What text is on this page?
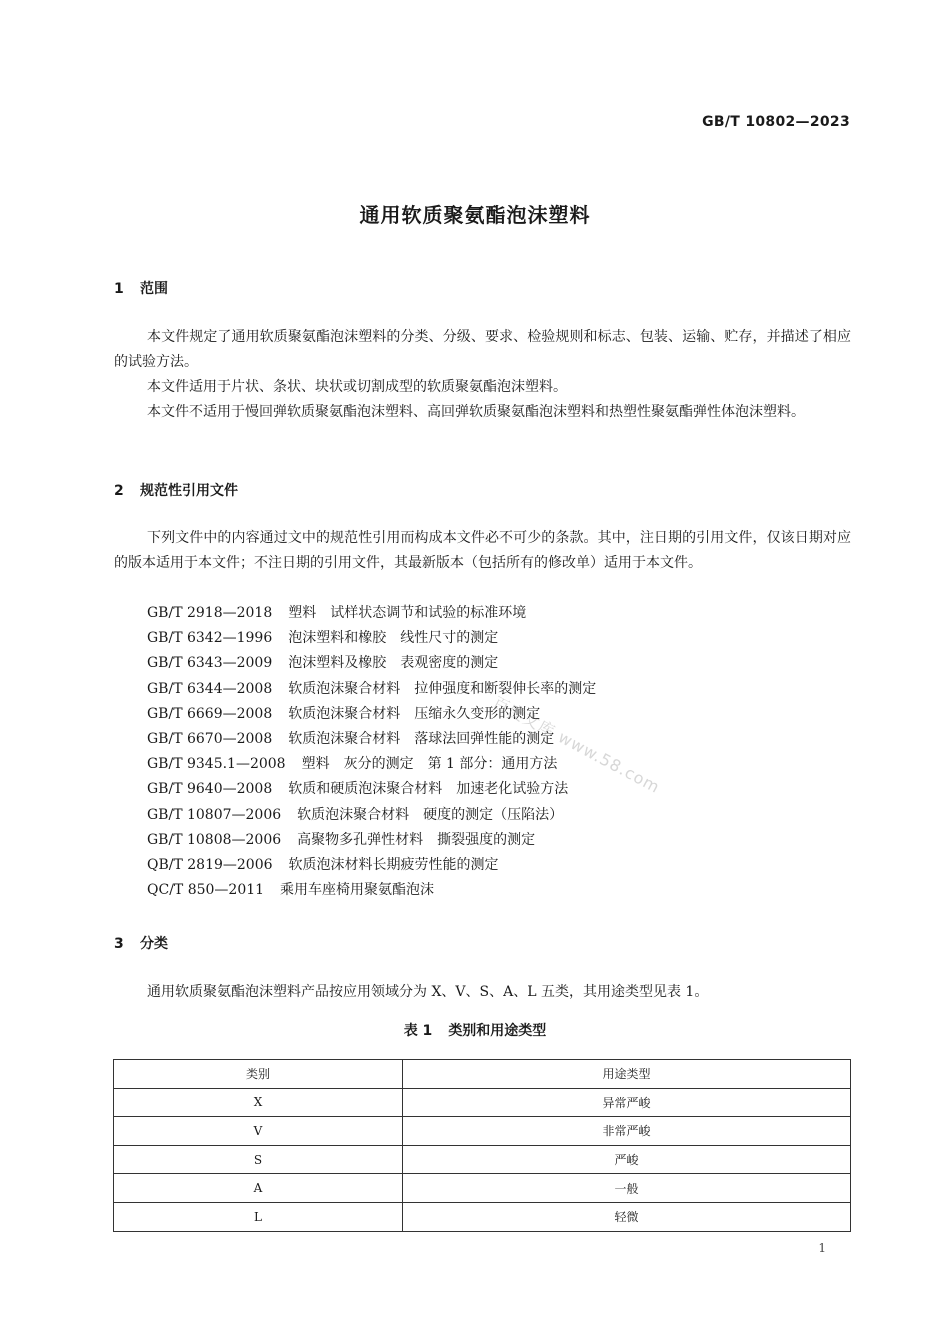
GB/T 10802—2023
通用软质聚氨酯泡沫塑料
1 范围

本文件规定了通用软质聚氨酯泡沫塑料的分类、分级、要求、检验规则和标志、包装、运输、贮存，并描述了相应的试验方法。

本文件适用于片状、条状、块状或切割成型的软质聚氨酯泡沫塑料。

本文件不适用于慢回弹软质聚氨酯泡沫塑料、高回弹软质聚氨酯泡沫塑料和热塑性聚氨酯弹性体泡沫塑料。

2 规范性引用文件

下列文件中的内容通过文中的规范性引用而构成本文件必不可少的条款。其中，注日期的引用文件，仅该日期对应的版本适用于本文件；不注日期的引用文件，其最新版本（包括所有的修改单）适用于本文件。

GB/T 2918—2018 塑料　试样状态调节和试验的标准环境
GB/T 6342—1996 泡沫塑料和橡胶　线性尺寸的测定
GB/T 6343—2009 泡沫塑料及橡胶　表观密度的测定
GB/T 6344—2008 软质泡沫聚合材料　拉伸强度和断裂伸长率的测定
GB/T 6669—2008 软质泡沫聚合材料　压缩永久变形的测定
GB/T 6670—2008 软质泡沫聚合材料　落球法回弹性能的测定
GB/T 9345.1—2008 塑料　灰分的测定　第 1 部分：通用方法
GB/T 9640—2008 软质和硬质泡沫聚合材料　加速老化试验方法
GB/T 10807—2006 软质泡沫聚合材料　硬度的测定（压陷法）
GB/T 10808—2006 高聚物多孔弹性材料　撕裂强度的测定
QB/T 2819—2006 软质泡沫材料长期疲劳性能的测定
QC/T 850—2011 乘用车座椅用聚氨酯泡沫
3 分类

通用软质聚氨酯泡沫塑料产品按应用领域分为 X、V、S、A、L 五类，其用途类型见表 1。

表 1 类别和用途类型
类别	用途类型
X	异常严峻
V	非常严峻
S	严峻
A	一般
L	轻微
百度文库 www.58.com
1
